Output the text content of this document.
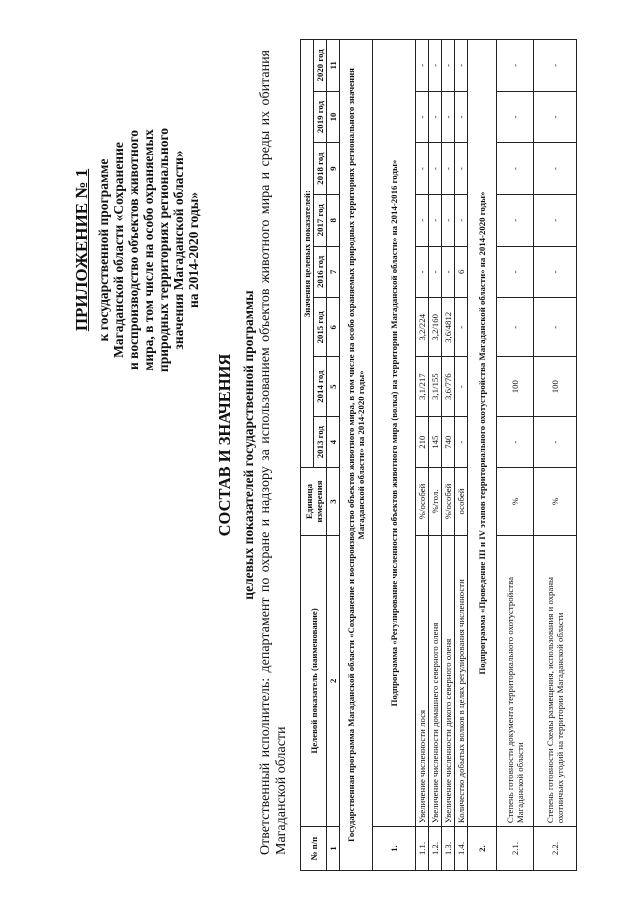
ПРИЛОЖЕНИЕ № 1 к государственной программе Магаданской области «Сохранение и воспроизводство объектов животного мира, в том числе на особо охраняемых природных территориях регионального значения Магаданской области» на 2014-2020 годы»
СОСТАВ И ЗНАЧЕНИЯ целевых показателей государственной программы Ответственный исполнитель: департамент по охране и надзору за использованием объектов животного мира и среды их обитания Магаданской области № п/п	Целевой показатель (наименование)	Единица измерения	Значения целевых показателей:							
			2013 год	2014 год	2015 год	2016 год	2017 год	2018 год	2019 год	2020 год
1	2	3	4	5	6	7	8	9	10	11
Государственная программа Магаданской области «Сохранение и воспроизводство объектов животного мира, в том числе на особо охраняемых природных территориях регионального значения Магаданской области» на 2014-2020 годы»										
1.	Подпрограмма «Регулирование численности объектов животного мира (волка) на территории Магаданской области» на 2014-2016 годы»									
1.1.	Увеличение численности лося	%/особей	210	3,1/217	3,2/224	-	-	-	-	-
1.2.	Увеличение численности домашнего северного оленя	%/гол.	145	3,1/155	3,2/160	-	-	-	-	-
1.3.	Увеличение численности дикого северного оленя	%/особей	740	3,6/776	3,6/4812	-	-	-	-	-
1.4.	Количество добытых волков в целях регулирования численности	особей	-	-	-	6	-	-	-	-
2.	Подпрограмма «Проведение III и IV этапов территориального охотустройства Магаданской области» на 2014-2020 годы»									
2.1.	Степень готовности документа территориального охотустройства Магаданской области	%	-	100	-	-	-	-	-	-
2.2.	Степень готовности Схемы размещения, использования и охраны охотничьих угодий на территории Магаданской области	%	-	100	-	-	-	-	-	-
